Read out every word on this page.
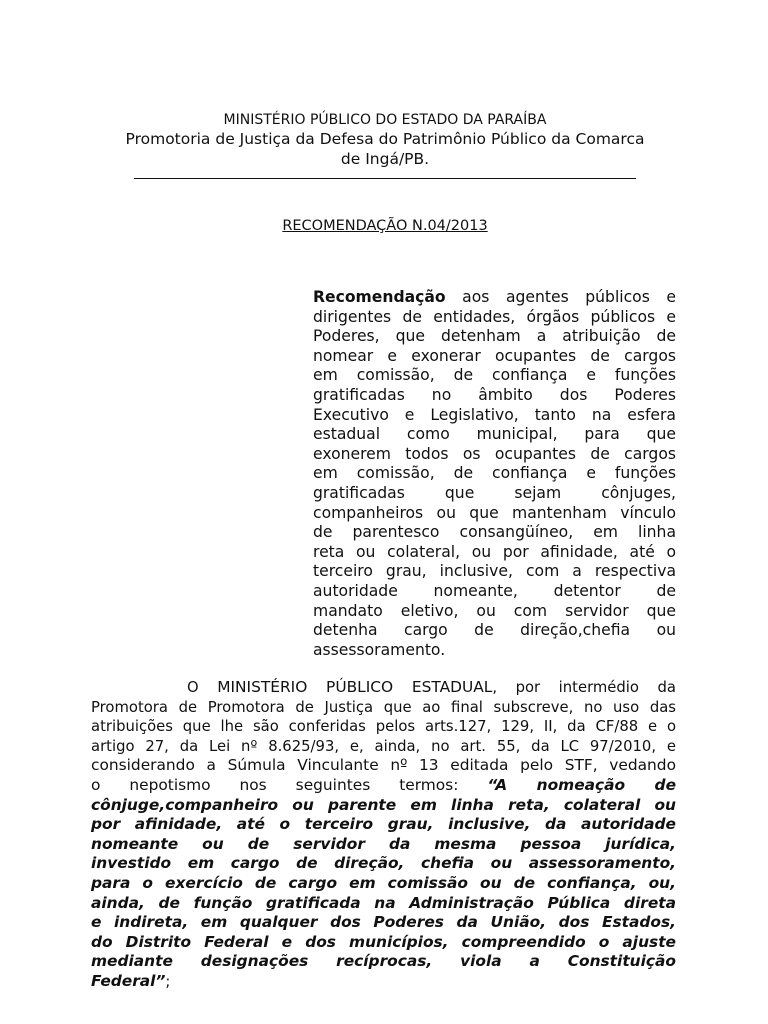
MINISTÉRIO PÚBLICO DO ESTADO DA PARAÍBA
Promotoria de Justiça da Defesa do Patrimônio Público da Comarca
de Ingá/PB.
RECOMENDAÇÃO N.04/2013
Recomendação aos agentes públicos e
dirigentes de entidades, órgãos públicos e
Poderes, que detenham a atribuição de
nomear e exonerar ocupantes de cargos
em comissão, de confiança e funções
gratificadas no âmbito dos Poderes
Executivo e Legislativo, tanto na esfera
estadual como municipal, para que
exonerem todos os ocupantes de cargos
em comissão, de confiança e funções
gratificadas que sejam cônjuges,
companheiros ou que mantenham vínculo
de parentesco consangüíneo, em linha
reta ou colateral, ou por afinidade, até o
terceiro grau, inclusive, com a respectiva
autoridade nomeante, detentor de
mandato eletivo, ou com servidor que
detenha cargo de direção,chefia ou
assessoramento.
O MINISTÉRIO PÚBLICO ESTADUAL, por intermédio da
Promotora de Promotora de Justiça que ao final subscreve, no uso das
atribuições que lhe são conferidas pelos arts.127, 129, II, da CF/88 e o
artigo 27, da Lei nº 8.625/93, e, ainda, no art. 55, da LC 97/2010, e
considerando a Súmula Vinculante nº 13 editada pelo STF, vedando
o nepotismo nos seguintes termos: “A nomeação de
cônjuge,companheiro ou parente em linha reta, colateral ou
por afinidade, até o terceiro grau, inclusive, da autoridade
nomeante ou de servidor da mesma pessoa jurídica,
investido em cargo de direção, chefia ou assessoramento,
para o exercício de cargo em comissão ou de confiança, ou,
ainda, de função gratificada na Administração Pública direta
e indireta, em qualquer dos Poderes da União, dos Estados,
do Distrito Federal e dos municípios, compreendido o ajuste
mediante designações recíprocas, viola a Constituição
Federal”;
